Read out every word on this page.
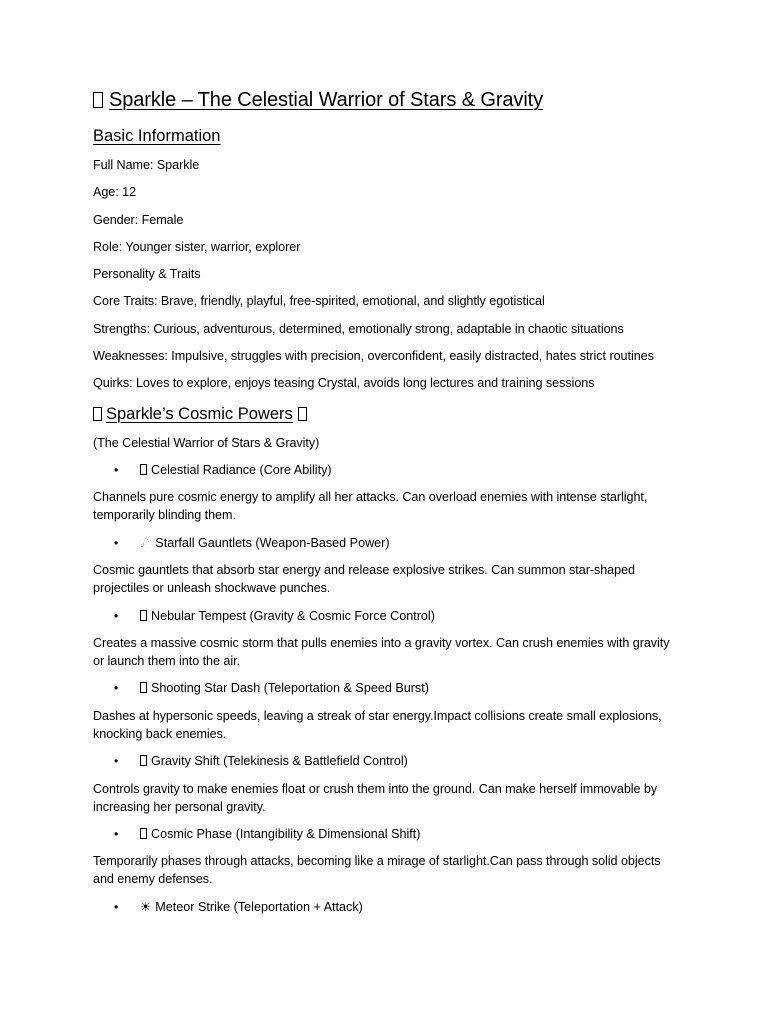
Sparkle – The Celestial Warrior of Stars & Gravity
Basic Information
Full Name: Sparkle
Age: 12
Gender: Female
Role: Younger sister, warrior, explorer
Personality & Traits
Core Traits: Brave, friendly, playful, free-spirited, emotional, and slightly egotistical
Strengths: Curious, adventurous, determined, emotionally strong, adaptable in chaotic situations
Weaknesses: Impulsive, struggles with precision, overconfident, easily distracted, hates strict routines
Quirks: Loves to explore, enjoys teasing Crystal, avoids long lectures and training sessions
Sparkle’s Cosmic Powers
(The Celestial Warrior of Stars & Gravity)
•	Celestial Radiance (Core Ability)
Channels pure cosmic energy to amplify all her attacks. Can overload enemies with intense starlight, temporarily blinding them.
• ☄ Starfall Gauntlets (Weapon-Based Power)
Cosmic gauntlets that absorb star energy and release explosive strikes. Can summon star-shaped projectiles or unleash shockwave punches.
•	Nebular Tempest (Gravity & Cosmic Force Control)
Creates a massive cosmic storm that pulls enemies into a gravity vortex. Can crush enemies with gravity or launch them into the air.
•	Shooting Star Dash (Teleportation & Speed Burst)
Dashes at hypersonic speeds, leaving a streak of star energy.Impact collisions create small explosions, knocking back enemies.
•	Gravity Shift (Telekinesis & Battlefield Control)
Controls gravity to make enemies float or crush them into the ground. Can make herself immovable by increasing her personal gravity.
•	Cosmic Phase (Intangibility & Dimensional Shift)
Temporarily phases through attacks, becoming like a mirage of starlight.Can pass through solid objects and enemy defenses.
• ☀ Meteor Strike (Teleportation + Attack)
